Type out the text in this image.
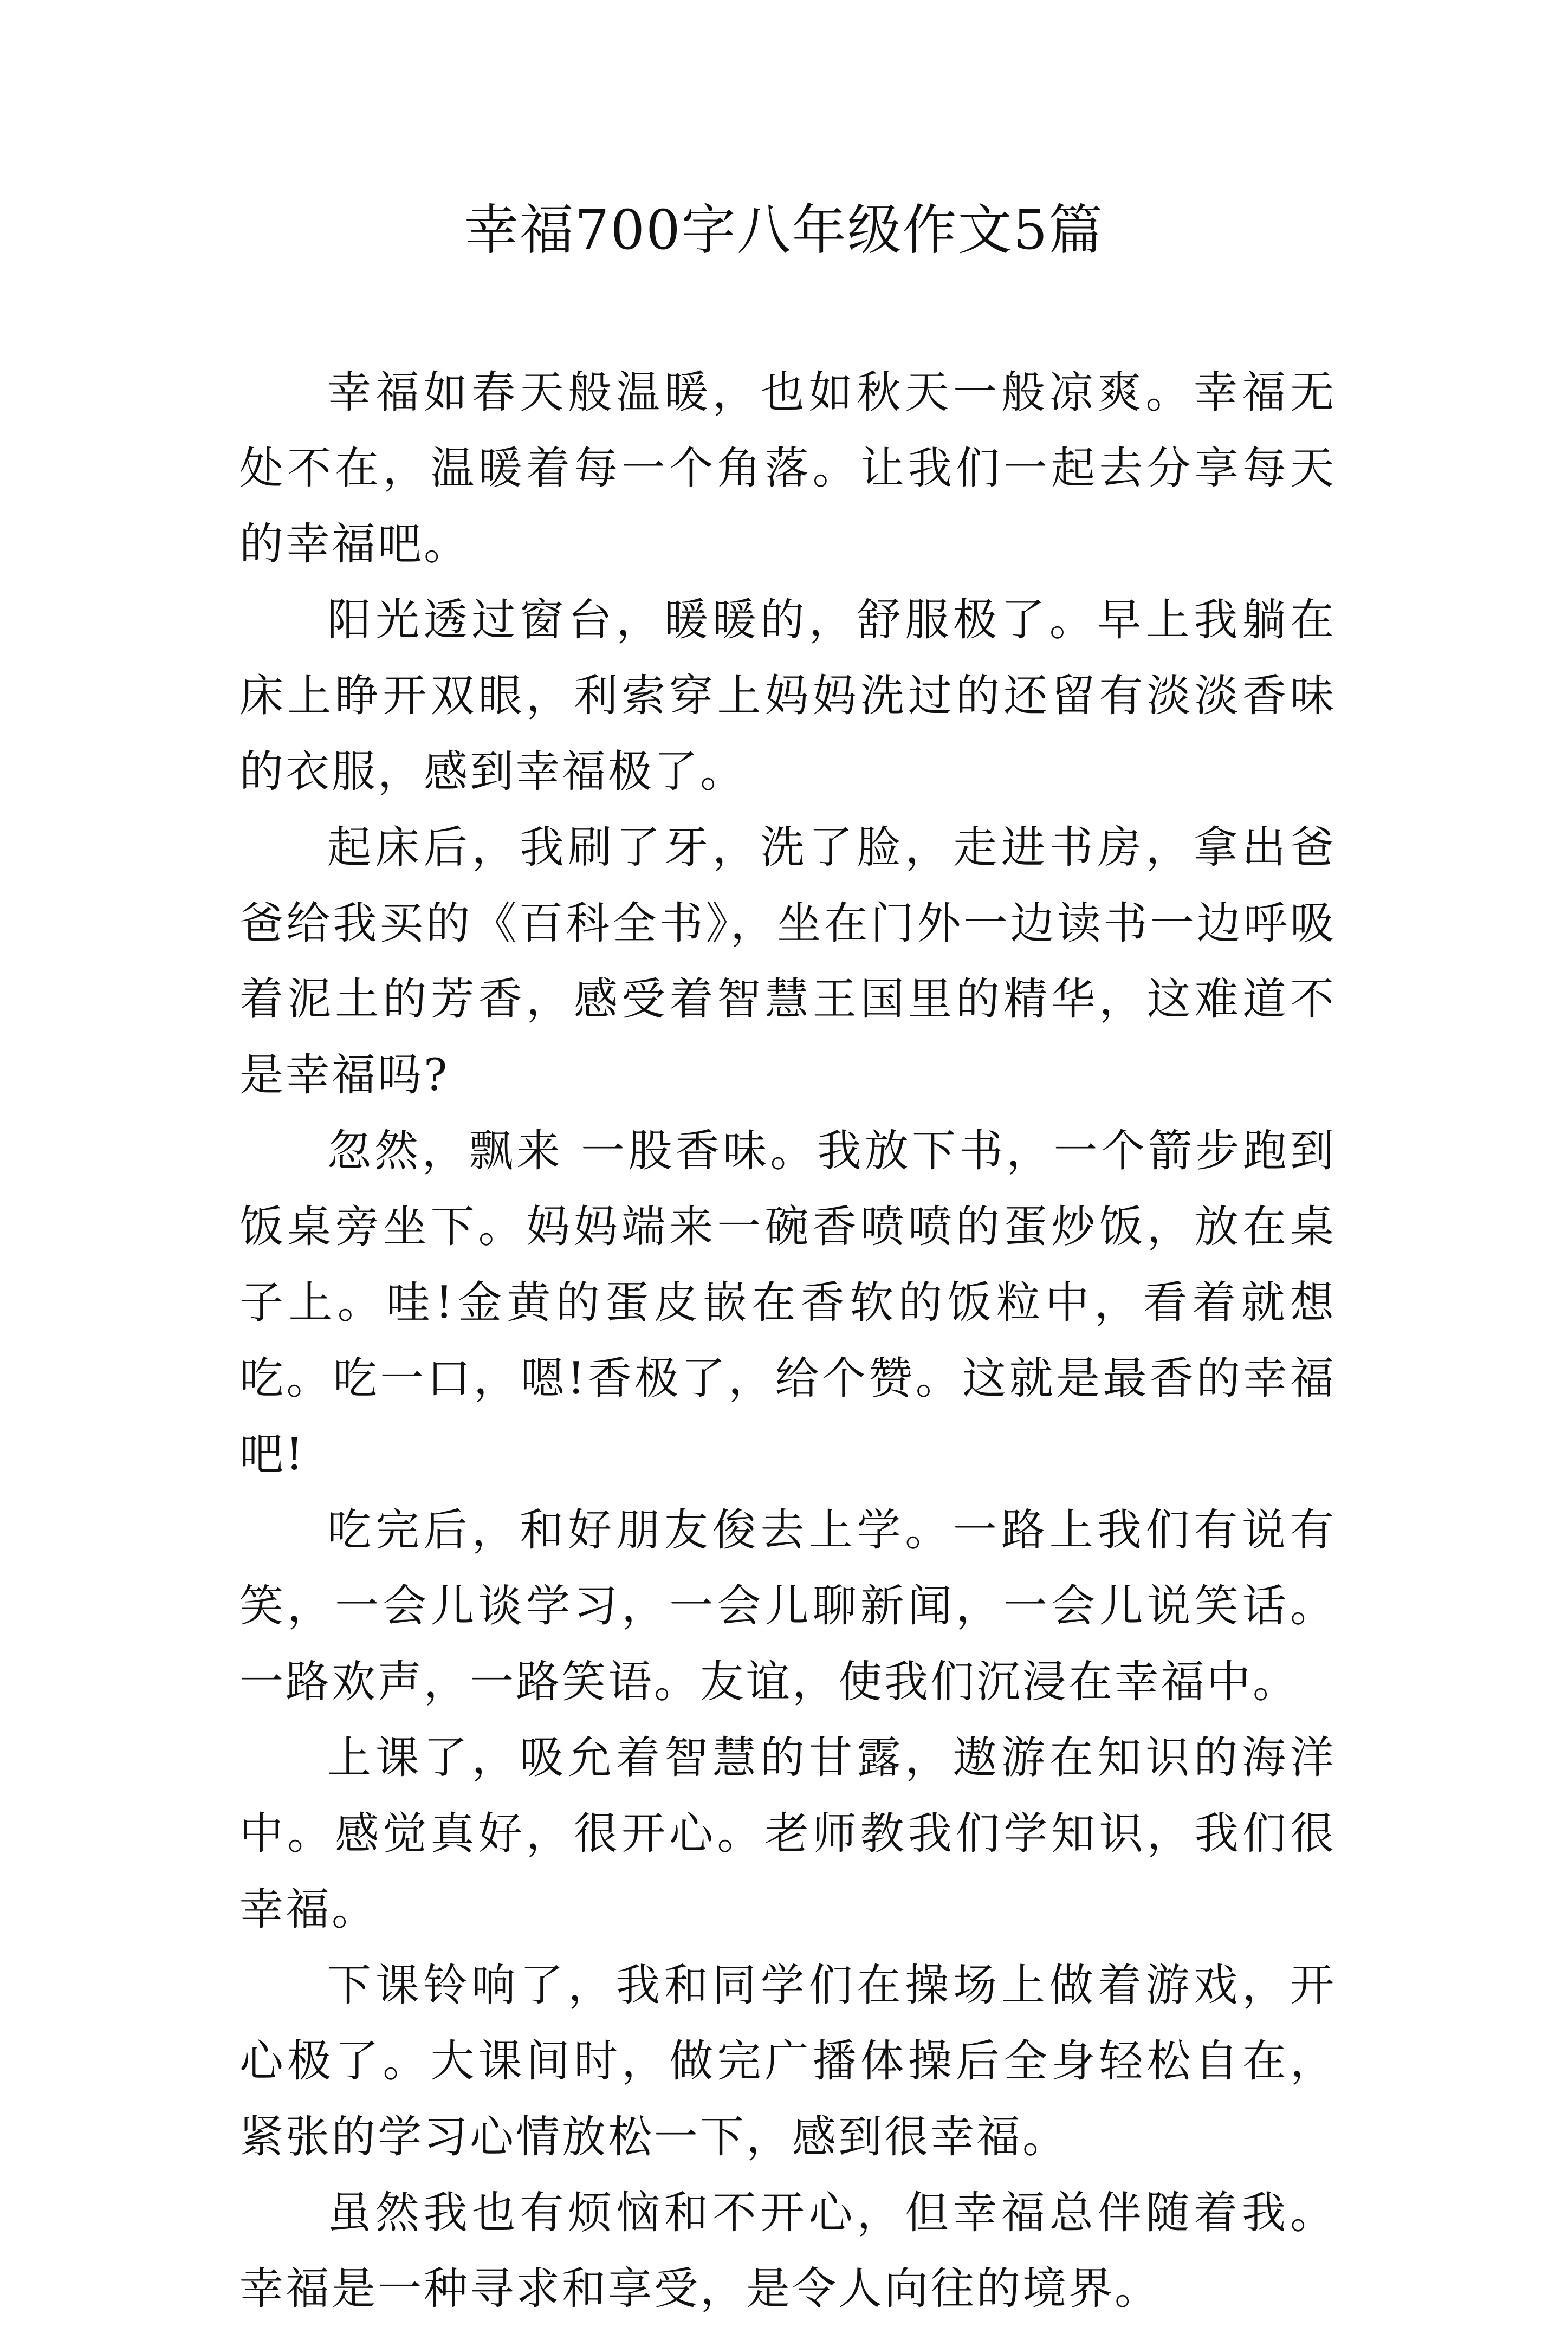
幸福700字八年级作文5篇

幸福如春天般温暖，也如秋天一般凉爽。幸福无处不在，温暖着每一个角落。让我们一起去分享每天的幸福吧。

阳光透过窗台，暖暖的，舒服极了。早上我躺在床上睁开双眼，利索穿上妈妈洗过的还留有淡淡香味的衣服，感到幸福极了。

起床后，我刷了牙，洗了脸，走进书房，拿出爸爸给我买的《百科全书》，坐在门外一边读书一边呼吸着泥土的芳香，感受着智慧王国里的精华，这难道不是幸福吗?

忽然，飘来 一股香味。我放下书，一个箭步跑到饭桌旁坐下。妈妈端来一碗香喷喷的蛋炒饭，放在桌子上。哇!金黄的蛋皮嵌在香软的饭粒中，看着就想吃。吃一口，嗯!香极了，给个赞。这就是最香的幸福吧!

吃完后，和好朋友俊去上学。一路上我们有说有笑，一会儿谈学习，一会儿聊新闻，一会儿说笑话。一路欢声，一路笑语。友谊，使我们沉浸在幸福中。

上课了，吸允着智慧的甘露，遨游在知识的海洋中。感觉真好，很开心。老师教我们学知识，我们很幸福。

下课铃响了，我和同学们在操场上做着游戏，开心极了。大课间时，做完广播体操后全身轻松自在，紧张的学习心情放松一下，感到很幸福。

虽然我也有烦恼和不开心，但幸福总伴随着我。幸福是一种寻求和享受，是令人向往的境界。
